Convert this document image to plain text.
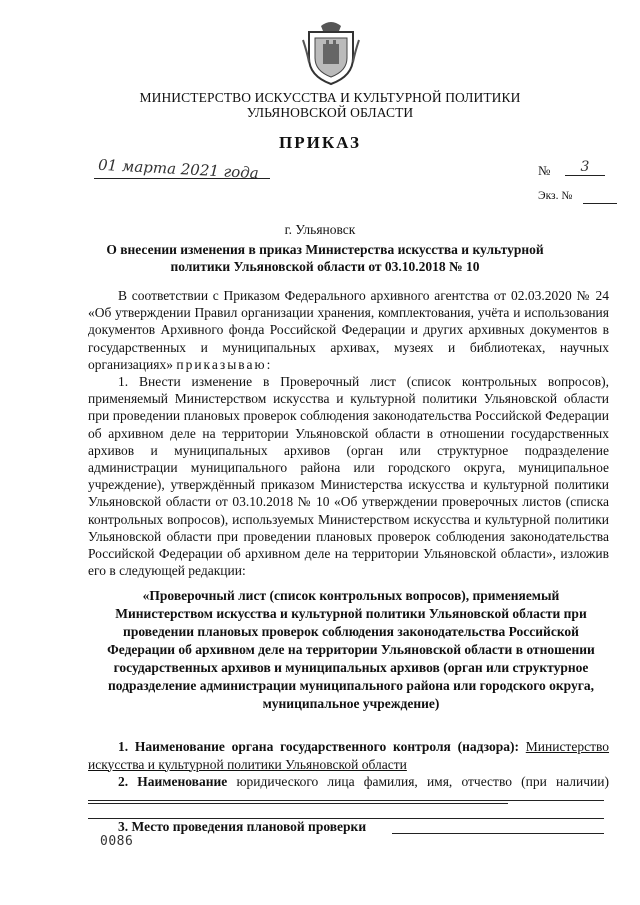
МИНИСТЕРСТВО ИСКУССТВА И КУЛЬТУРНОЙ ПОЛИТИКИ
УЛЬЯНОВСКОЙ ОБЛАСТИ
ПРИКАЗ
01 марта 2021 года	№	3
Экз. №
г. Ульяновск
О внесении изменения в приказ Министерства искусства и культурной политики Ульяновской области от 03.10.2018 № 10

В соответствии с Приказом Федерального архивного агентства от 02.03.2020 № 24 «Об утверждении Правил организации хранения, комплектования, учёта и использования документов Архивного фонда Российской Федерации и других архивных документов в государственных и муниципальных архивах, музеях и библиотеках, научных организациях» приказываю:

1. Внести изменение в Проверочный лист (список контрольных вопросов), применяемый Министерством искусства и культурной политики Ульяновской области при проведении плановых проверок соблюдения законодательства Российской Федерации об архивном деле на территории Ульяновской области в отношении государственных архивов и муниципальных архивов (орган или структурное подразделение администрации муниципального района или городского округа, муниципальное учреждение), утверждённый приказом Министерства искусства и культурной политики Ульяновской области от 03.10.2018 № 10 «Об утверждении проверочных листов (списка контрольных вопросов), используемых Министерством искусства и культурной политики Ульяновской области при проведении плановых проверок соблюдения законодательства Российской Федерации об архивном деле на территории Ульяновской области», изложив его в следующей редакции:

«Проверочный лист (список контрольных вопросов), применяемый Министерством искусства и культурной политики Ульяновской области при проведении плановых проверок соблюдения законодательства Российской Федерации об архивном деле на территории Ульяновской области в отношении государственных архивов и муниципальных архивов (орган или структурное подразделение администрации муниципального района или городского округа, муниципальное учреждение)
1. Наименование органа государственного контроля (надзора): Министерство искусства и культурной политики Ульяновской области
2. Наименование юридического лица фамилия, имя, отчество (при наличии)
3. Место проведения плановой проверки
0086
